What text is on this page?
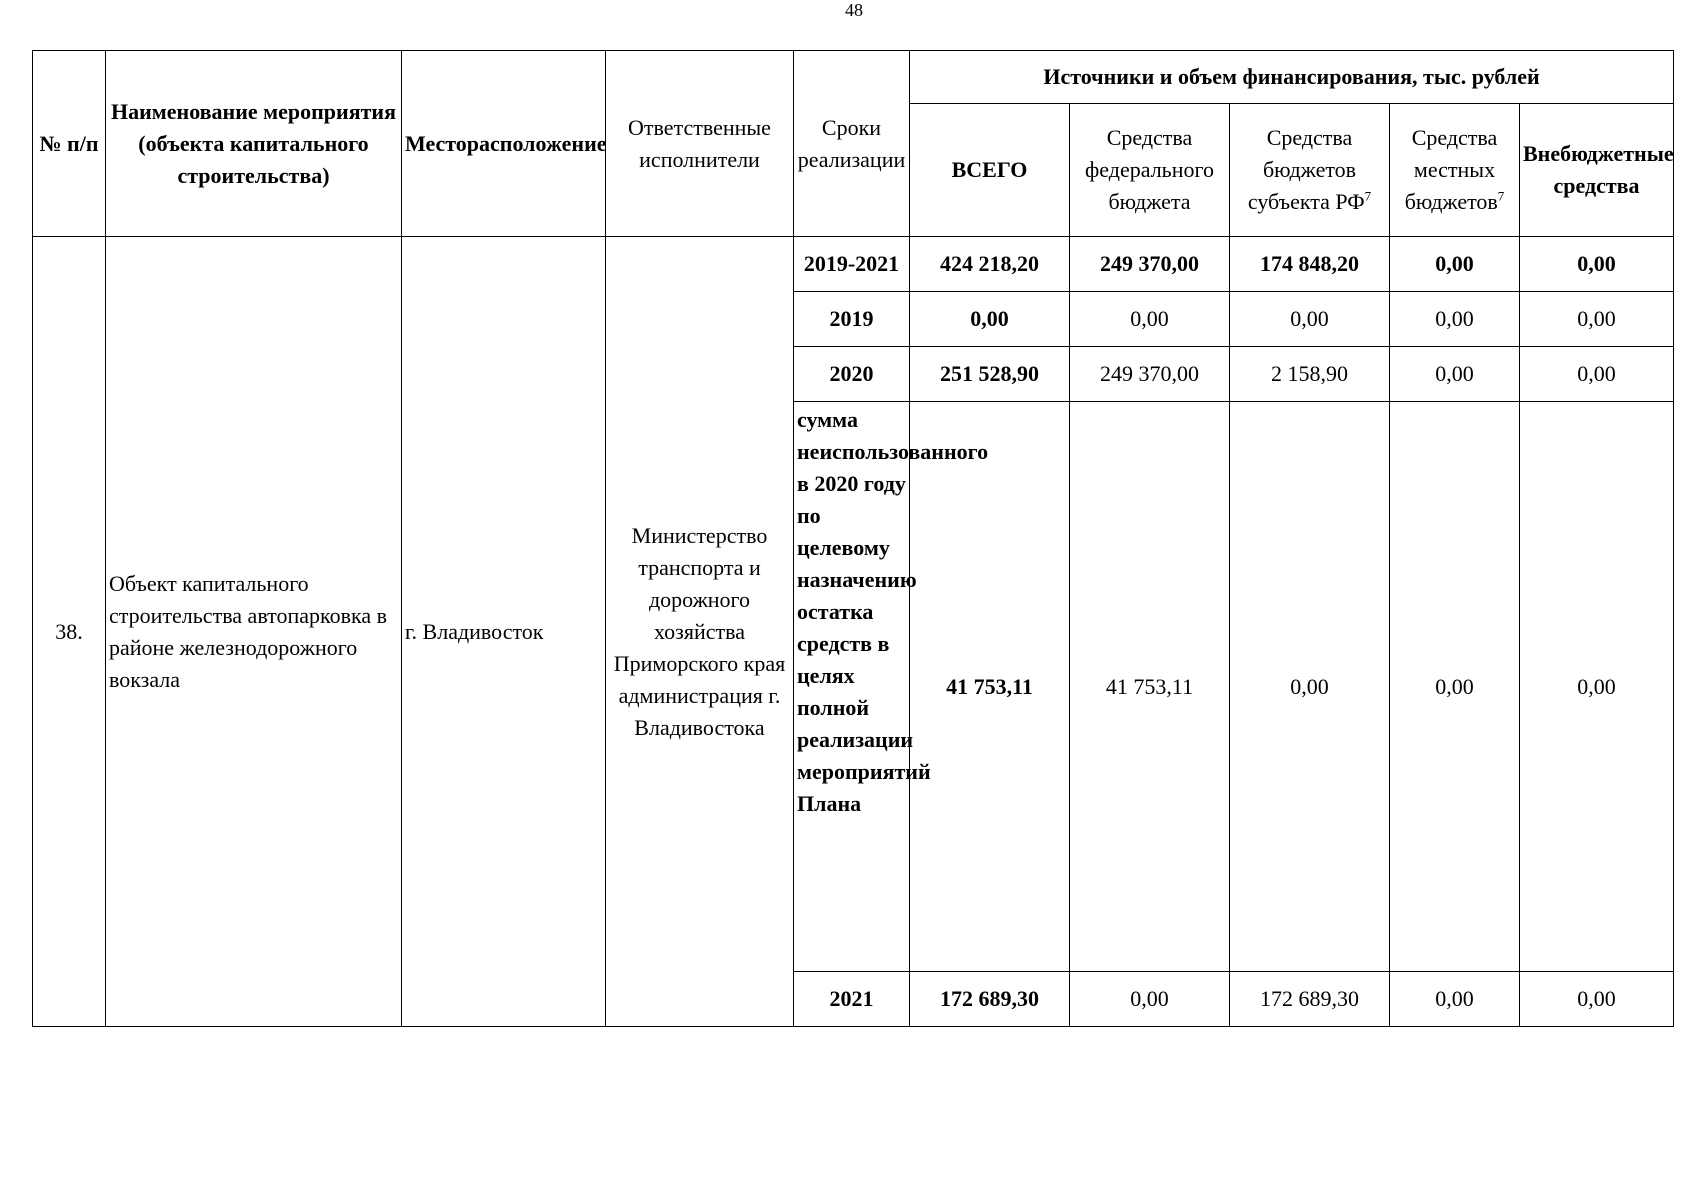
48
№ п/п	Наименование мероприятия (объекта капитального строительства)	Месторасположение	Ответственные исполнители	Сроки реализации	Источники и объем финансирования, тыс. рублей				
					ВСЕГО	Средства федерального бюджета	Средства бюджетов субъекта $РФ^7$	Средства местных бюджетов$^7$	Внебюджетные средства
38.	Объект капитального строительства автопарковка в районе железнодорожного вокзала	г. Владивосток	Министерство транспорта и дорожного хозяйства Приморского края администрация г. Владивостока	2019-2021	424 218,20	249 370,00	174 848,20	0,00	0,00
				2019	0,00	0,00	0,00	0,00	0,00
				2020	251 528,90	249 370,00	2 158,90	0,00	0,00
				сумма неиспользованного в 2020 году по целевому назначению остатка средств в целях полной реализации мероприятий Плана	41 753,11	41 753,11	0,00	0,00	0,00
				2021	172 689,30	0,00	172 689,30	0,00	0,00
